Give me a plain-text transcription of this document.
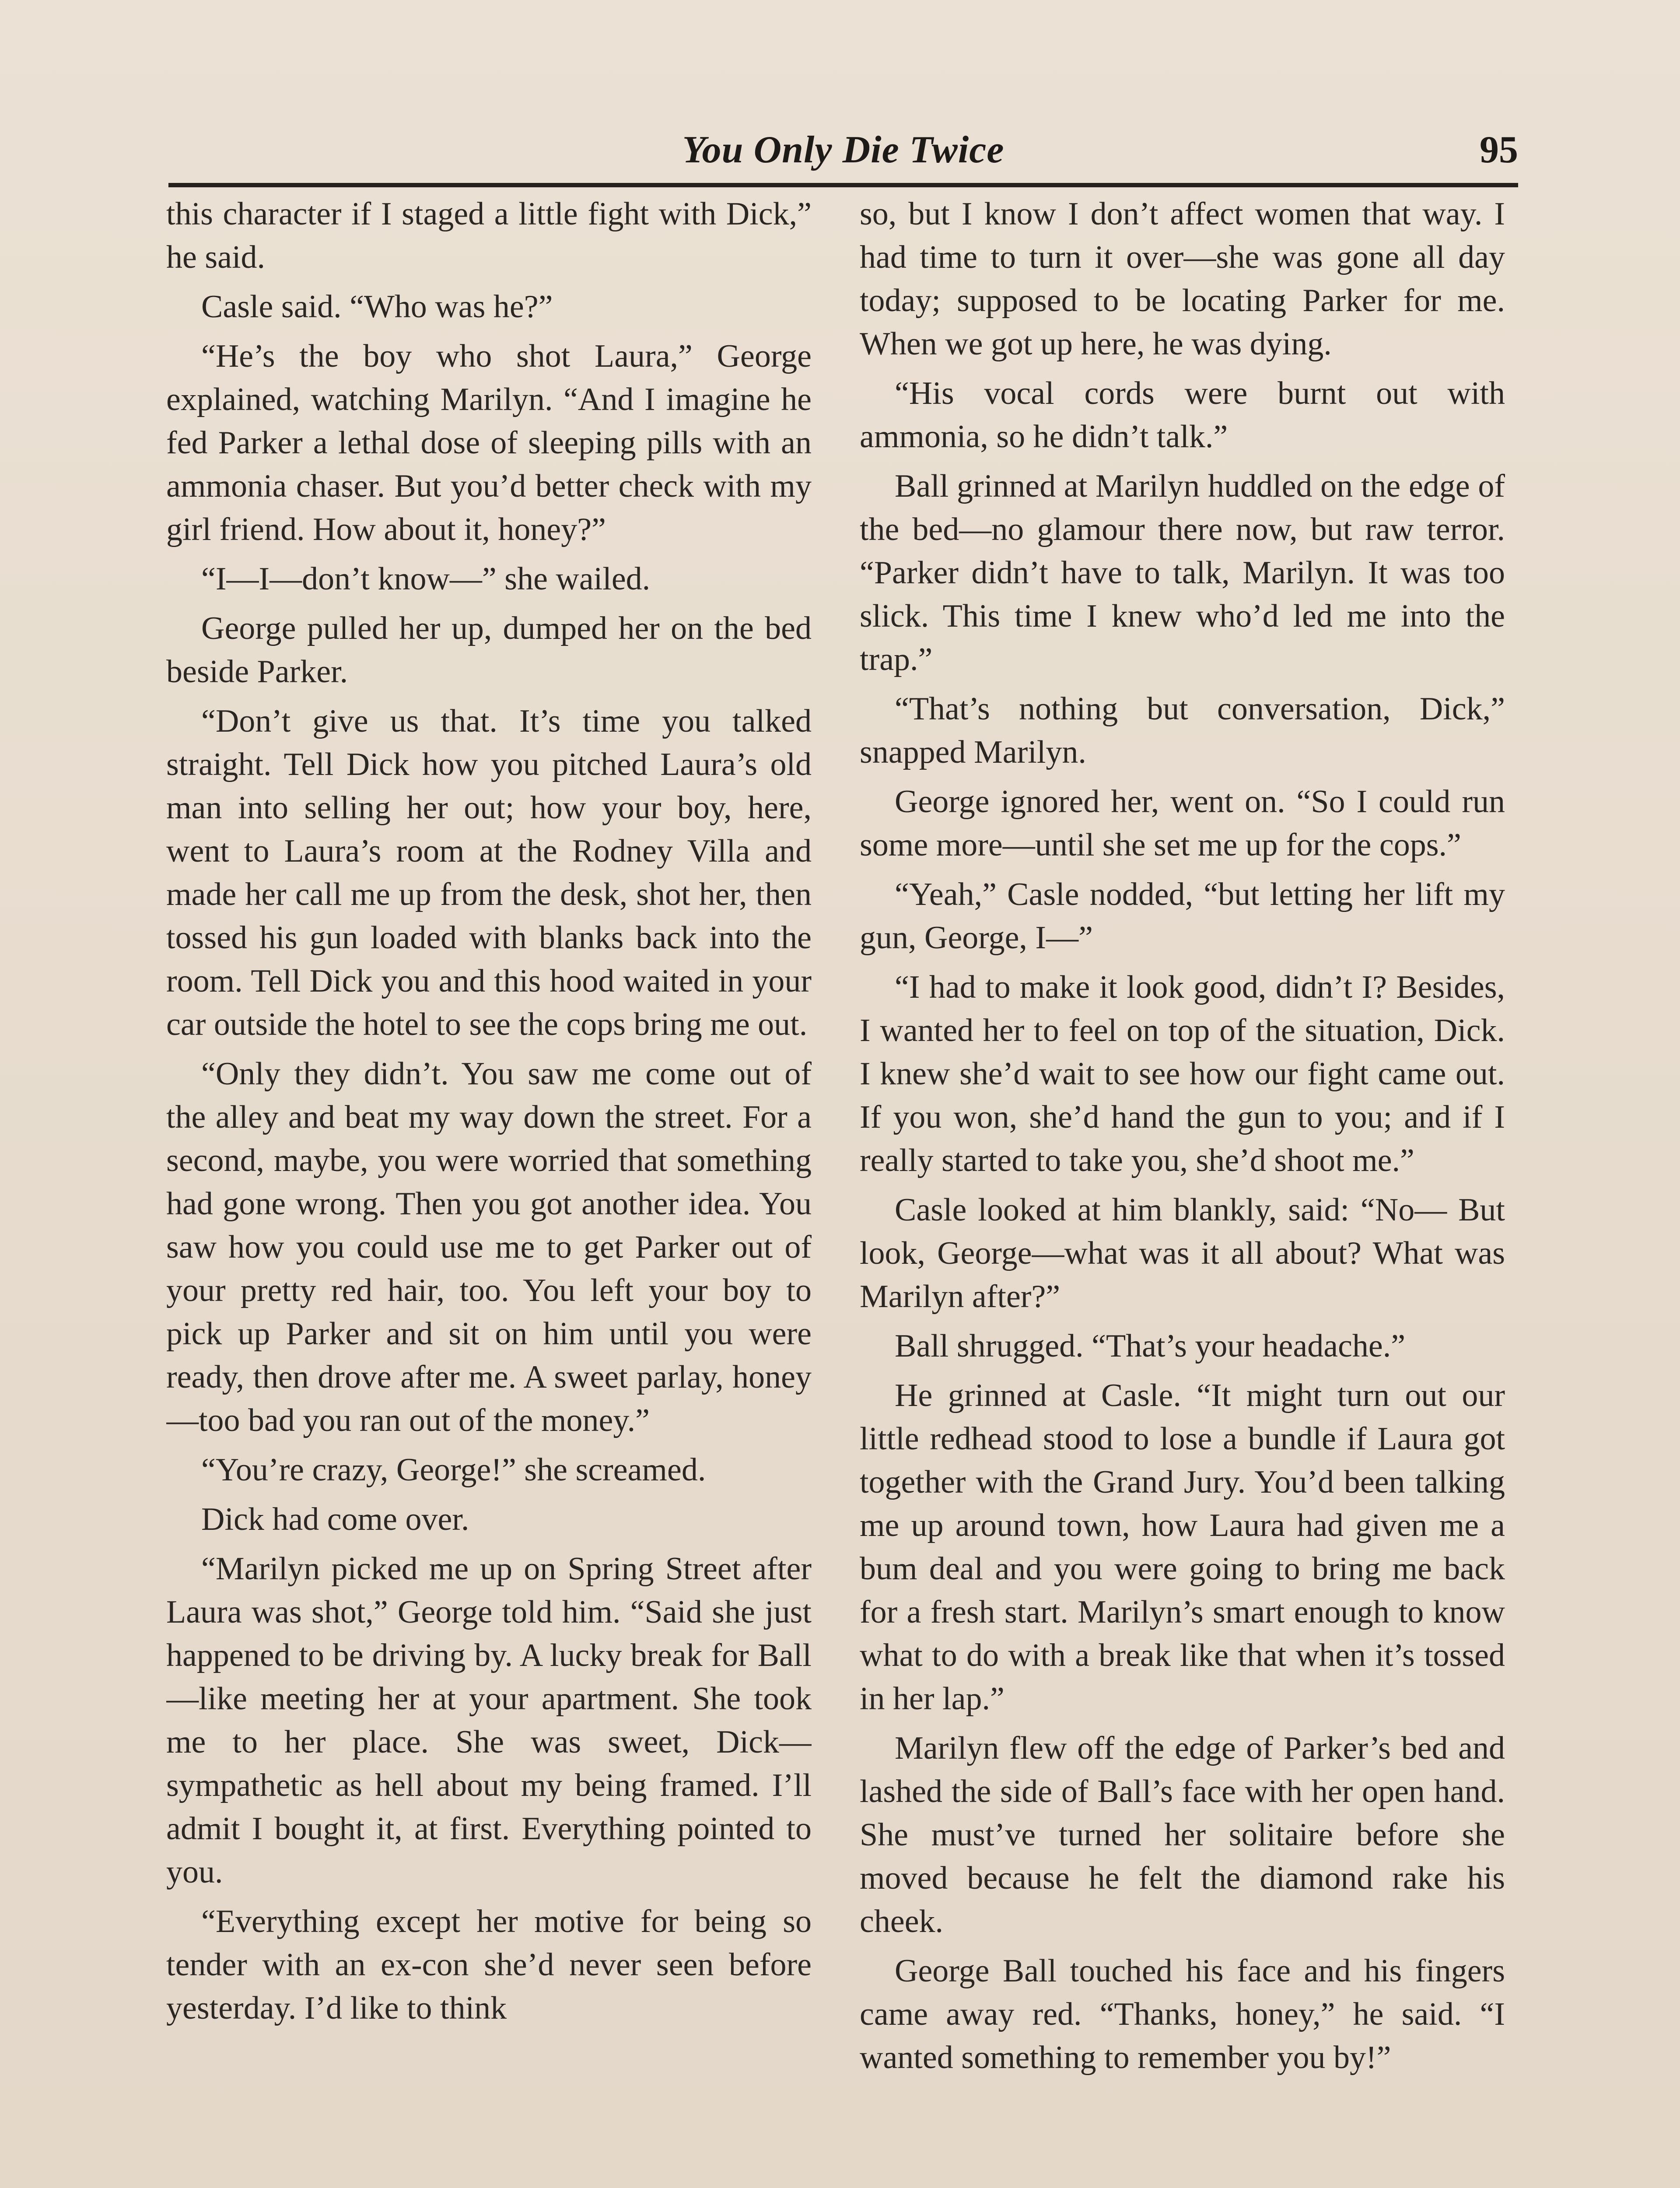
You Only Die Twice	95

this character if I staged a little fight with Dick,” he said.

Casle said. “Who was he?”

“He’s the boy who shot Laura,” George explained, watching Marilyn. “And I imagine he fed Parker a lethal dose of sleeping pills with an ammonia chaser. But you’d better check with my girl friend. How about it, honey?”

“I—I—don’t know—” she wailed.

George pulled her up, dumped her on the bed beside Parker.

“Don’t give us that. It’s time you talked straight. Tell Dick how you pitched Laura’s old man into selling her out; how your boy, here, went to Laura’s room at the Rodney Villa and made her call me up from the desk, shot her, then tossed his gun loaded with blanks back into the room. Tell Dick you and this hood waited in your car outside the hotel to see the cops bring me out.

“Only they didn’t. You saw me come out of the alley and beat my way down the street. For a second, maybe, you were worried that something had gone wrong. Then you got another idea. You saw how you could use me to get Parker out of your pretty red hair, too. You left your boy to pick up Parker and sit on him until you were ready, then drove after me. A sweet parlay, honey—too bad you ran out of the money.”

“You’re crazy, George!” she screamed.

Dick had come over.

“Marilyn picked me up on Spring Street after Laura was shot,” George told him. “Said she just happened to be driving by. A lucky break for Ball—like meeting her at your apartment. She took me to her place. She was sweet, Dick—sympathetic as hell about my being framed. I’ll admit I bought it, at first. Everything pointed to you.

“Everything except her motive for being so tender with an ex-con she’d never seen before yesterday. I’d like to think

so, but I know I don’t affect women that way. I had time to turn it over—she was gone all day today; supposed to be locating Parker for me. When we got up here, he was dying.

“His vocal cords were burnt out with ammonia, so he didn’t talk.”

Ball grinned at Marilyn huddled on the edge of the bed—no glamour there now, but raw terror. “Parker didn’t have to talk, Marilyn. It was too slick. This time I knew who’d led me into the trap.”

“That’s nothing but conversation, Dick,” snapped Marilyn.

George ignored her, went on. “So I could run some more—until she set me up for the cops.”

“Yeah,” Casle nodded, “but letting her lift my gun, George, I—”

“I had to make it look good, didn’t I? Besides, I wanted her to feel on top of the situation, Dick. I knew she’d wait to see how our fight came out. If you won, she’d hand the gun to you; and if I really started to take you, she’d shoot me.”

Casle looked at him blankly, said: “No— But look, George—what was it all about? What was Marilyn after?”

Ball shrugged. “That’s your headache.”

He grinned at Casle. “It might turn out our little redhead stood to lose a bundle if Laura got together with the Grand Jury. You’d been talking me up around town, how Laura had given me a bum deal and you were going to bring me back for a fresh start. Marilyn’s smart enough to know what to do with a break like that when it’s tossed in her lap.”

Marilyn flew off the edge of Parker’s bed and lashed the side of Ball’s face with her open hand. She must’ve turned her solitaire before she moved because he felt the diamond rake his cheek.

George Ball touched his face and his fingers came away red. “Thanks, honey,” he said. “I wanted something to remember you by!”
